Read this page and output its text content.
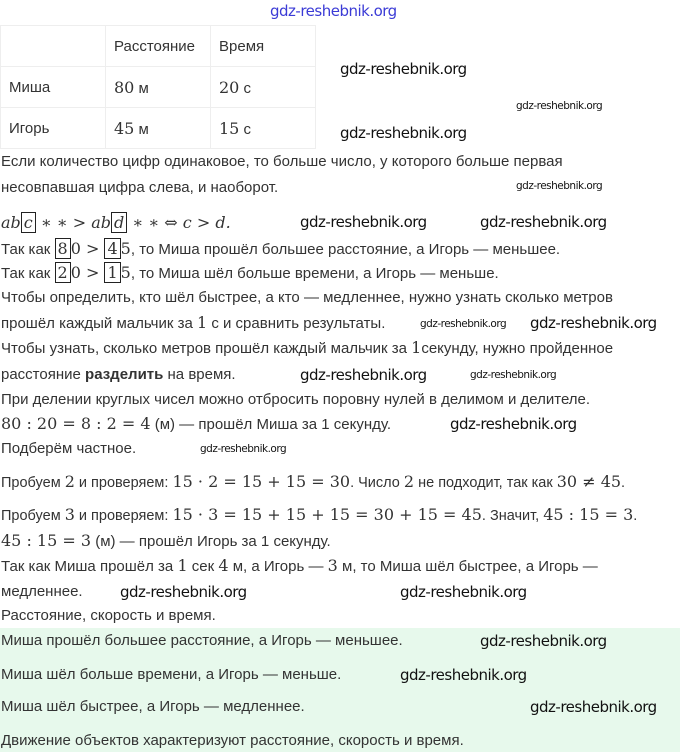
gdz-reshebnik.org
	Расстояние	Время
Миша	80 м	20 с
Игорь	45 м	15 с
Если количество цифр одинаковое, то больше число, у которого больше первая
несовпавшая цифра слева, и наоборот.
ab c ∗ ∗ > ab d ∗ ∗ ⇔ c > d.
Так как 8 0 > 4 5, то Миша прошёл большее расстояние, а Игорь — меньшее.
Так как 2 0 > 1 5, то Миша шёл больше времени, а Игорь — меньше.
Чтобы определить, кто шёл быстрее, а кто — медленнее, нужно узнать сколько метров
прошёл каждый мальчик за 1 с и сравнить результаты.
Чтобы узнать, сколько метров прошёл каждый мальчик за 1секунду, нужно пройденное
расстояние разделить на время.
При делении круглых чисел можно отбросить поровну нулей в делимом и делителе.
80 : 20 = 8 : 2 = 4 (м) — прошёл Миша за 1 секунду.
Подберём частное.
Пробуем 2 и проверяем: 15 · 2 = 15 + 15 = 30. Число 2 не подходит, так как 30 ≠ 45.
Пробуем 3 и проверяем: 15 · 3 = 15 + 15 + 15 = 30 + 15 = 45. Значит, 45 : 15 = 3.
45 : 15 = 3 (м) — прошёл Игорь за 1 секунду.
Так как Миша прошёл за 1 сек 4 м, а Игорь — 3 м, то Миша шёл быстрее, а Игорь —
медленнее.
Расстояние, скорость и время.
Миша прошёл большее расстояние, а Игорь — меньшее.
Миша шёл больше времени, а Игорь — меньше.
Миша шёл быстрее, а Игорь — медленнее.
Движение объектов характеризуют расстояние, скорость и время.
gdz-reshebnik.org
gdz-reshebnik.org
gdz-reshebnik.org
gdz-reshebnik.org
gdz-reshebnik.org	gdz-reshebnik.org
gdz-reshebnik.org gdz-reshebnik.org
gdz-reshebnik.org	gdz-reshebnik.org
gdz-reshebnik.org
gdz-reshebnik.org
gdz-reshebnik.org	gdz-reshebnik.org
gdz-reshebnik.org
gdz-reshebnik.org
gdz-reshebnik.org
